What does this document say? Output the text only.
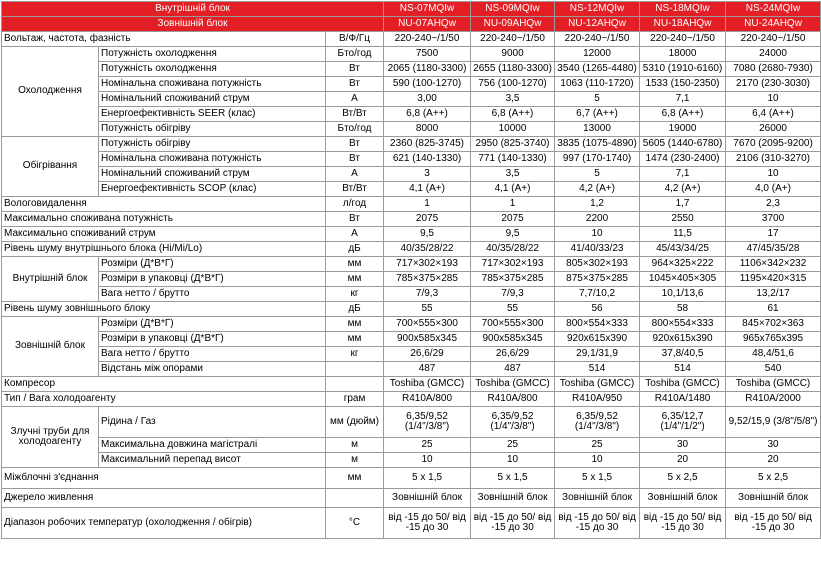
Внутрішній блок			NS-07MQIw	NS-09MQIw	NS-12MQIw	NS-18MQIw	NS-24MQIw
Зовнішній блок			NU-07AHQw	NU-09AHQw	NU-12AHQw	NU-18AHQw	NU-24AHQw
Вольтаж, частота, фазність		В/Ф/Гц	220-240~/1/50	220-240~/1/50	220-240~/1/50	220-240~/1/50	220-240~/1/50
Охолодження	Потужність охолодження	Бто/год	7500	9000	12000	18000	24000
	Потужність охолодження	Вт	2065 (1180-3300)	2655 (1180-3300)	3540 (1265-4480)	5310 (1910-6160)	7080 (2680-7930)
	Номінальна споживана потужність	Вт	590 (100-1270)	756 (100-1270)	1063 (110-1720)	1533 (150-2350)	2170 (230-3030)
	Номінальний споживаний струм	А	3,00	3,5	5	7,1	10
	Енергоефективність SEER (клас)	Вт/Вт	6,8 (A++)	6,8 (A++)	6,7 (A++)	6,8 (A++)	6,4 (A++)
	Потужність обігріву	Бто/год	8000	10000	13000	19000	26000
Обігрівання	Потужність обігріву	Вт	2360 (825-3745)	2950 (825-3740)	3835 (1075-4890)	5605 (1440-6780)	7670 (2095-9200)
	Номінальна споживана потужність	Вт	621 (140-1330)	771 (140-1330)	997 (170-1740)	1474 (230-2400)	2106 (310-3270)
	Номінальний споживаний струм	А	3	3,5	5	7,1	10
	Енергоефективність SCOP (клас)	Вт/Вт	4,1 (A+)	4,1 (A+)	4,2 (A+)	4,2 (A+)	4,0 (A+)
Вологовидалення		л/год	1	1	1,2	1,7	2,3
Максимально споживана потужність		Вт	2075	2075	2200	2550	3700
Максимально споживаний струм		А	9,5	9,5	10	11,5	17
Рівень шуму внутрішнього блока (Hi/Mi/Lo)		дБ	40/35/28/22	40/35/28/22	41/40/33/23	45/43/34/25	47/45/35/28
Внутрішній блок	Розміри (Д*В*Г)	мм	717×302×193	717×302×193	805×302×193	964×325×222	1106×342×232
	Розміри в упаковці (Д*В*Г)	мм	785×375×285	785×375×285	875×375×285	1045×405×305	1195×420×315
	Вага нетто / брутто	кг	7/9,3	7/9,3	7,7/10,2	10,1/13,6	13,2/17
Рівень шуму зовнішнього блоку		дБ	55	55	56	58	61
Зовнішній блок	Розміри (Д*В*Г)	мм	700×555×300	700×555×300	800×554×333	800×554×333	845×702×363
	Розміри в упаковці (Д*В*Г)	мм	900x585x345	900x585x345	920x615x390	920x615x390	965x765x395
	Вага нетто / брутто	кг	26,6/29	26,6/29	29,1/31,9	37,8/40,5	48,4/51,6
	Відстань між опорами		487	487	514	514	540
Компресор			Toshiba (GMCC)	Toshiba (GMCC)	Toshiba (GMCC)	Toshiba (GMCC)	Toshiba (GMCC)
Тип / Вага холодоагенту		грам	R410A/800	R410A/800	R410A/950	R410A/1480	R410A/2000
Злучні труби для холодоагенту	Рідина / Газ	мм (дюйм)	6,35/9,52 (1/4"/3/8")	6,35/9,52 (1/4"/3/8")	6,35/9,52 (1/4"/3/8")	6,35/12,7 (1/4"/1/2")	9,52/15,9 (3/8"/5/8")
	Максимальна довжина магістралі	м	25	25	25	30	30
	Максимальний перепад висот	м	10	10	10	20	20
Міжблочні з'єднання		мм	5 x 1,5	5 x 1,5	5 x 1,5	5 x 2,5	5 x 2,5
Джерело живлення			Зовнішній блок	Зовнішній блок	Зовнішній блок	Зовнішній блок	Зовнішній блок
Діапазон робочих температур (охолодження / обігрів)		°С	від -15 до 50/ від -15 до 30	від -15 до 50/ від -15 до 30	від -15 до 50/ від -15 до 30	від -15 до 50/ від -15 до 30	від -15 до 50/ від -15 до 30
